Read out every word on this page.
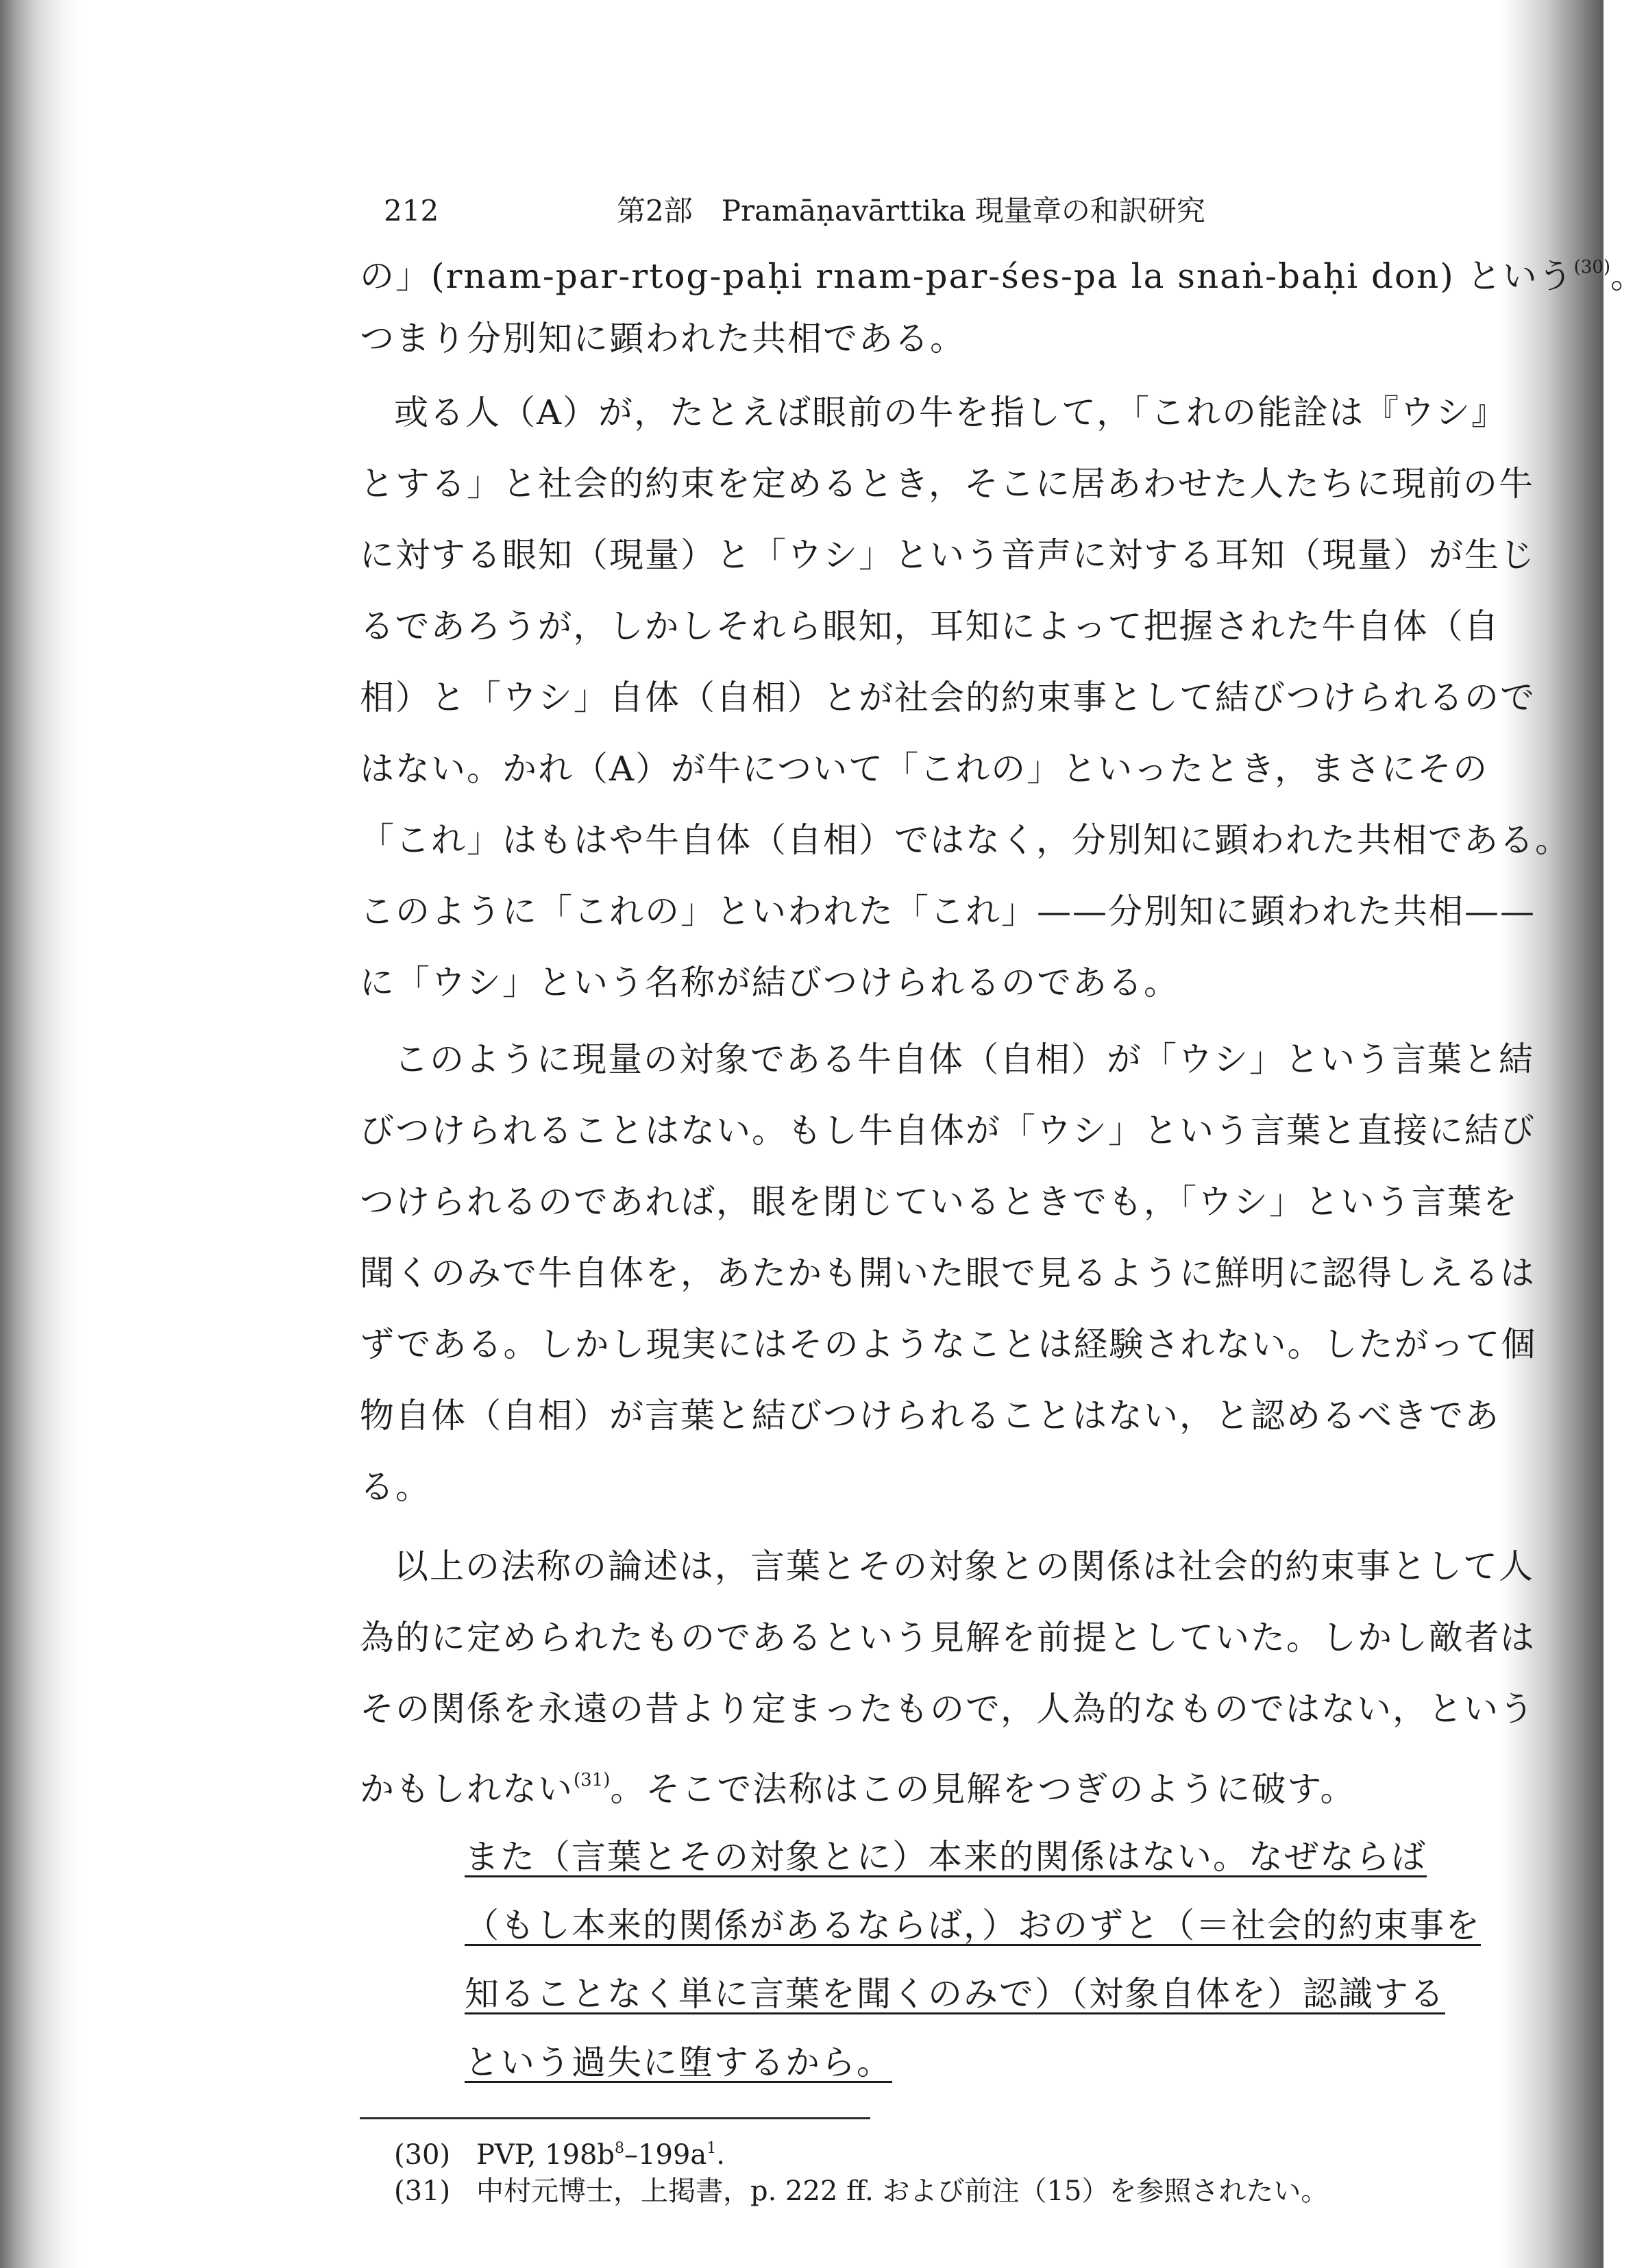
212	第2部　Pramāṇavārttika 現量章の和訳研究
の」(rnam-par-rtog-paḥi rnam-par-śes-pa la snaṅ-baḥi don) という$^{(30)}$。
つまり分別知に顕われた共相である。
或る人（A）が，たとえば眼前の牛を指して，「これの能詮は『ウシ』
とする」と社会的約束を定めるとき，そこに居あわせた人たちに現前の牛
に対する眼知（現量）と「ウシ」という音声に対する耳知（現量）が生じ
るであろうが，しかしそれら眼知，耳知によって把握された牛自体（自
相）と「ウシ」自体（自相）とが社会的約束事として結びつけられるので
はない。かれ（A）が牛について「これの」といったとき，まさにその
「これ」はもはや牛自体（自相）ではなく，分別知に顕われた共相である。
このように「これの」といわれた「これ」——分別知に顕われた共相——
に「ウシ」という名称が結びつけられるのである。
このように現量の対象である牛自体（自相）が「ウシ」という言葉と結
びつけられることはない。もし牛自体が「ウシ」という言葉と直接に結び
つけられるのであれば，眼を閉じているときでも，「ウシ」という言葉を
聞くのみで牛自体を，あたかも開いた眼で見るように鮮明に認得しえるは
ずである。しかし現実にはそのようなことは経験されない。したがって個
物自体（自相）が言葉と結びつけられることはない，と認めるべきであ
る。
以上の法称の論述は，言葉とその対象との関係は社会的約束事として人
為的に定められたものであるという見解を前提としていた。しかし敵者は
その関係を永遠の昔より定まったもので，人為的なものではない，という
かもしれない$^{(31)}$。そこで法称はこの見解をつぎのように破す。
また（言葉とその対象とに）本来的関係はない。なぜならば
（もし本来的関係があるならば，）おのずと（＝社会的約束事を
知ることなく単に言葉を聞くのみで）（対象自体を）認識する
という過失に堕するから。
(30) PVP, $198b^8-199a^1$.
(31) 中村元博士，上掲書，p. 222 ff. および前注（15）を参照されたい。
